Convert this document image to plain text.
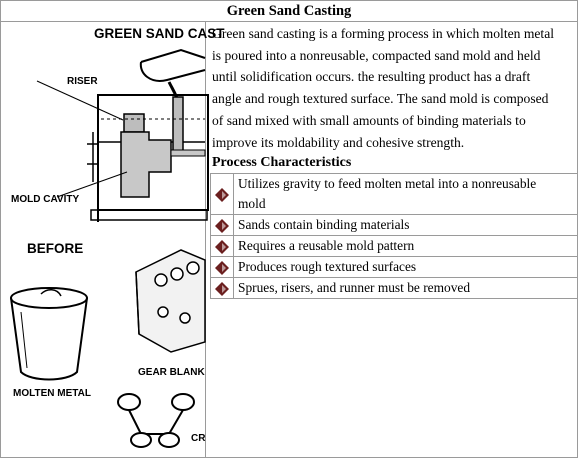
Green Sand Casting
GREEN SAND CAST
RISER
MOLD CAVITY
BEFORE
MOLTEN METAL
GEAR BLANK
CR

Green sand casting is a forming process in which molten metal
is poured into a nonreusable, compacted sand mold and held
until solidification occurs. the resulting product has a draft
angle and rough textured surface. The sand mold is composed
of sand mixed with small amounts of binding materials to
improve its moldability and cohesive strength.

Process Characteristics

	Utilizes gravity to feed molten metal into a nonreusable
mold
	Sands contain binding materials
	Requires a reusable mold pattern
	Produces rough textured surfaces
	Sprues, risers, and runner must be removed
